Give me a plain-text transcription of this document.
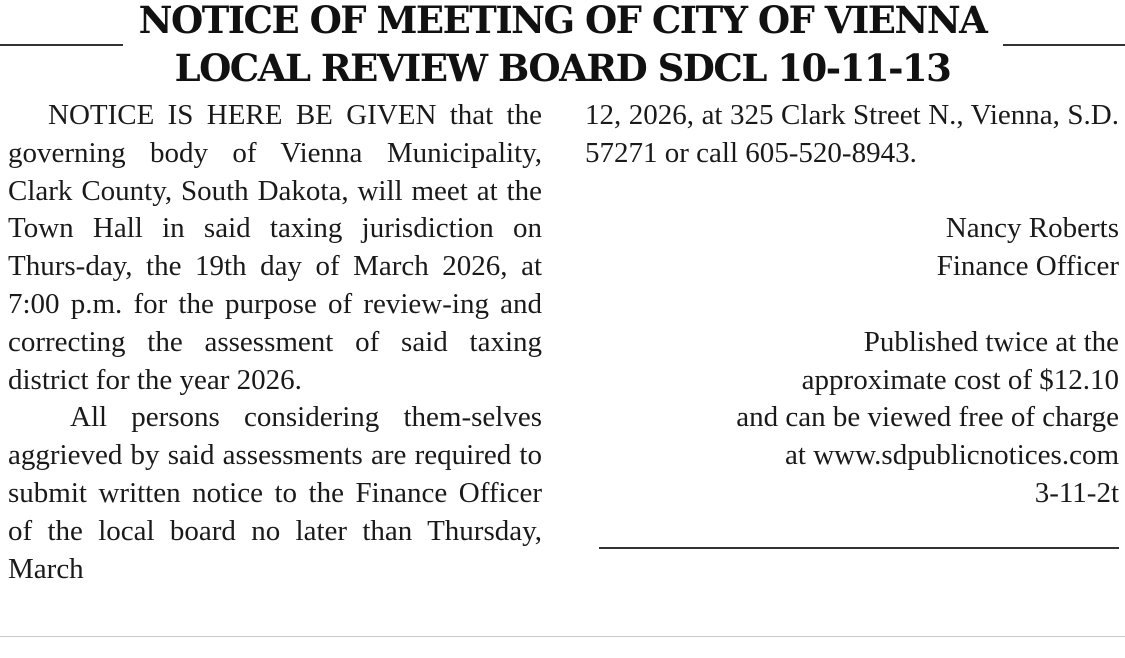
NOTICE OF MEETING OF CITY OF VIENNA
LOCAL REVIEW BOARD SDCL 10-11-13

NOTICE IS HERE BE GIVEN that the governing body of Vienna Municipality, Clark County, South Dakota, will meet at the Town Hall in said taxing jurisdiction on Thurs-day, the 19th day of March 2026, at 7:00 p.m. for the purpose of review-ing and correcting the assessment of said taxing district for the year 2026.

All persons considering them-selves aggrieved by said assessments are required to submit written notice to the Finance Officer of the local board no later than Thursday, March

12, 2026, at 325 Clark Street N., Vienna, S.D. 57271 or call 605-520-8943.

Nancy Roberts

Finance Officer

Published twice at the

approximate cost of $12.10

and can be viewed free of charge

at www.sdpublicnotices.com

3-11-2t
